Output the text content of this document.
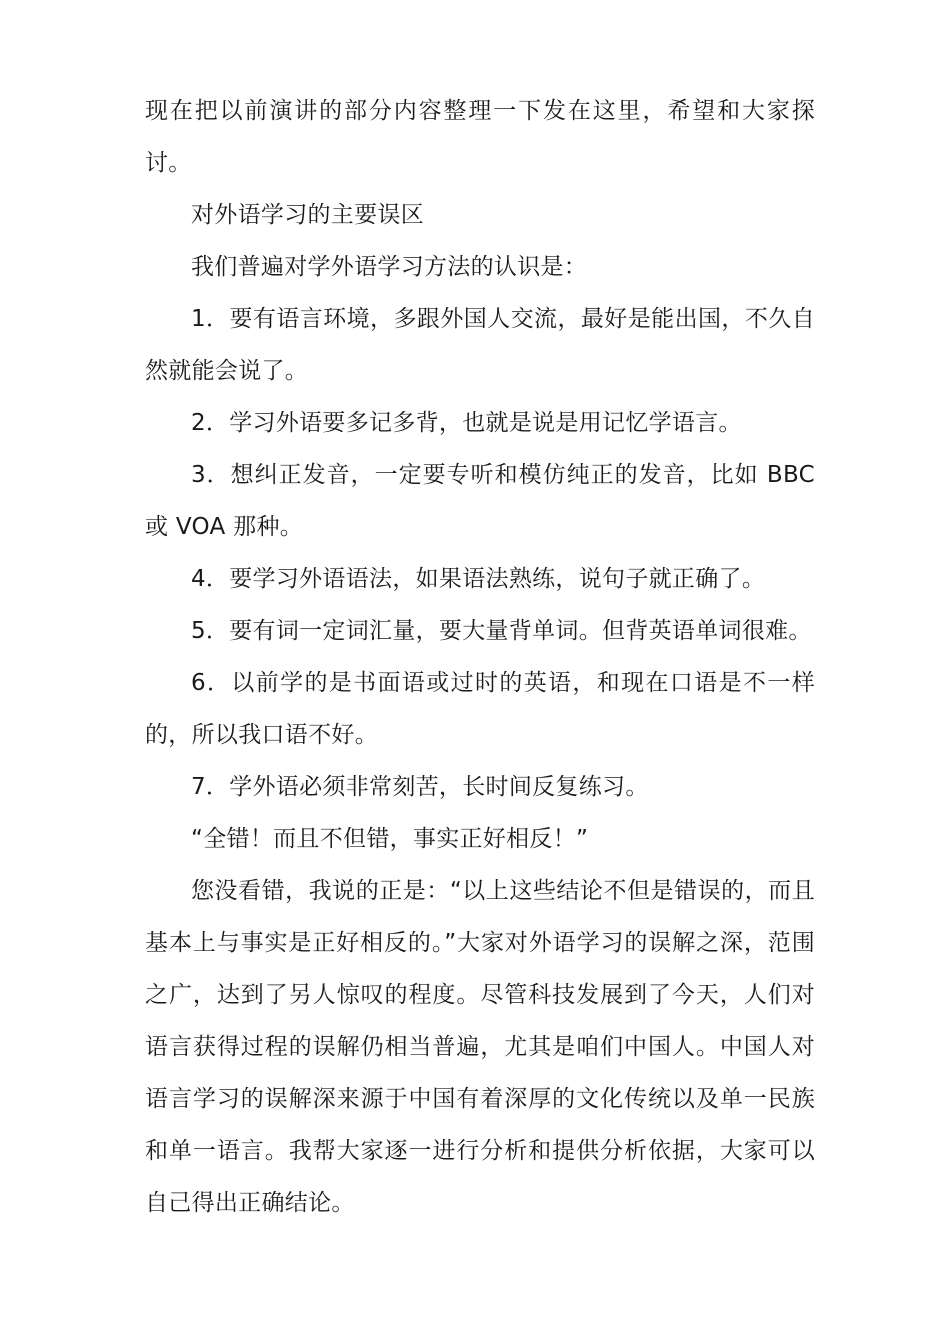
现在把以前演讲的部分内容整理一下发在这里，希望和大家探讨。

对外语学习的主要误区

我们普遍对学外语学习方法的认识是：

1．要有语言环境，多跟外国人交流，最好是能出国，不久自然就能会说了。

2．学习外语要多记多背，也就是说是用记忆学语言。

3．想纠正发音，一定要专听和模仿纯正的发音，比如 BBC 或 VOA 那种。

4．要学习外语语法，如果语法熟练，说句子就正确了。

5．要有词一定词汇量，要大量背单词。但背英语单词很难。

6．以前学的是书面语或过时的英语，和现在口语是不一样的，所以我口语不好。

7．学外语必须非常刻苦，长时间反复练习。

“全错！而且不但错，事实正好相反！”

您没看错，我说的正是：“以上这些结论不但是错误的，而且基本上与事实是正好相反的。”大家对外语学习的误解之深，范围之广，达到了另人惊叹的程度。尽管科技发展到了今天，人们对语言获得过程的误解仍相当普遍，尤其是咱们中国人。中国人对语言学习的误解深来源于中国有着深厚的文化传统以及单一民族和单一语言。我帮大家逐一进行分析和提供分析依据，大家可以自己得出正确结论。
